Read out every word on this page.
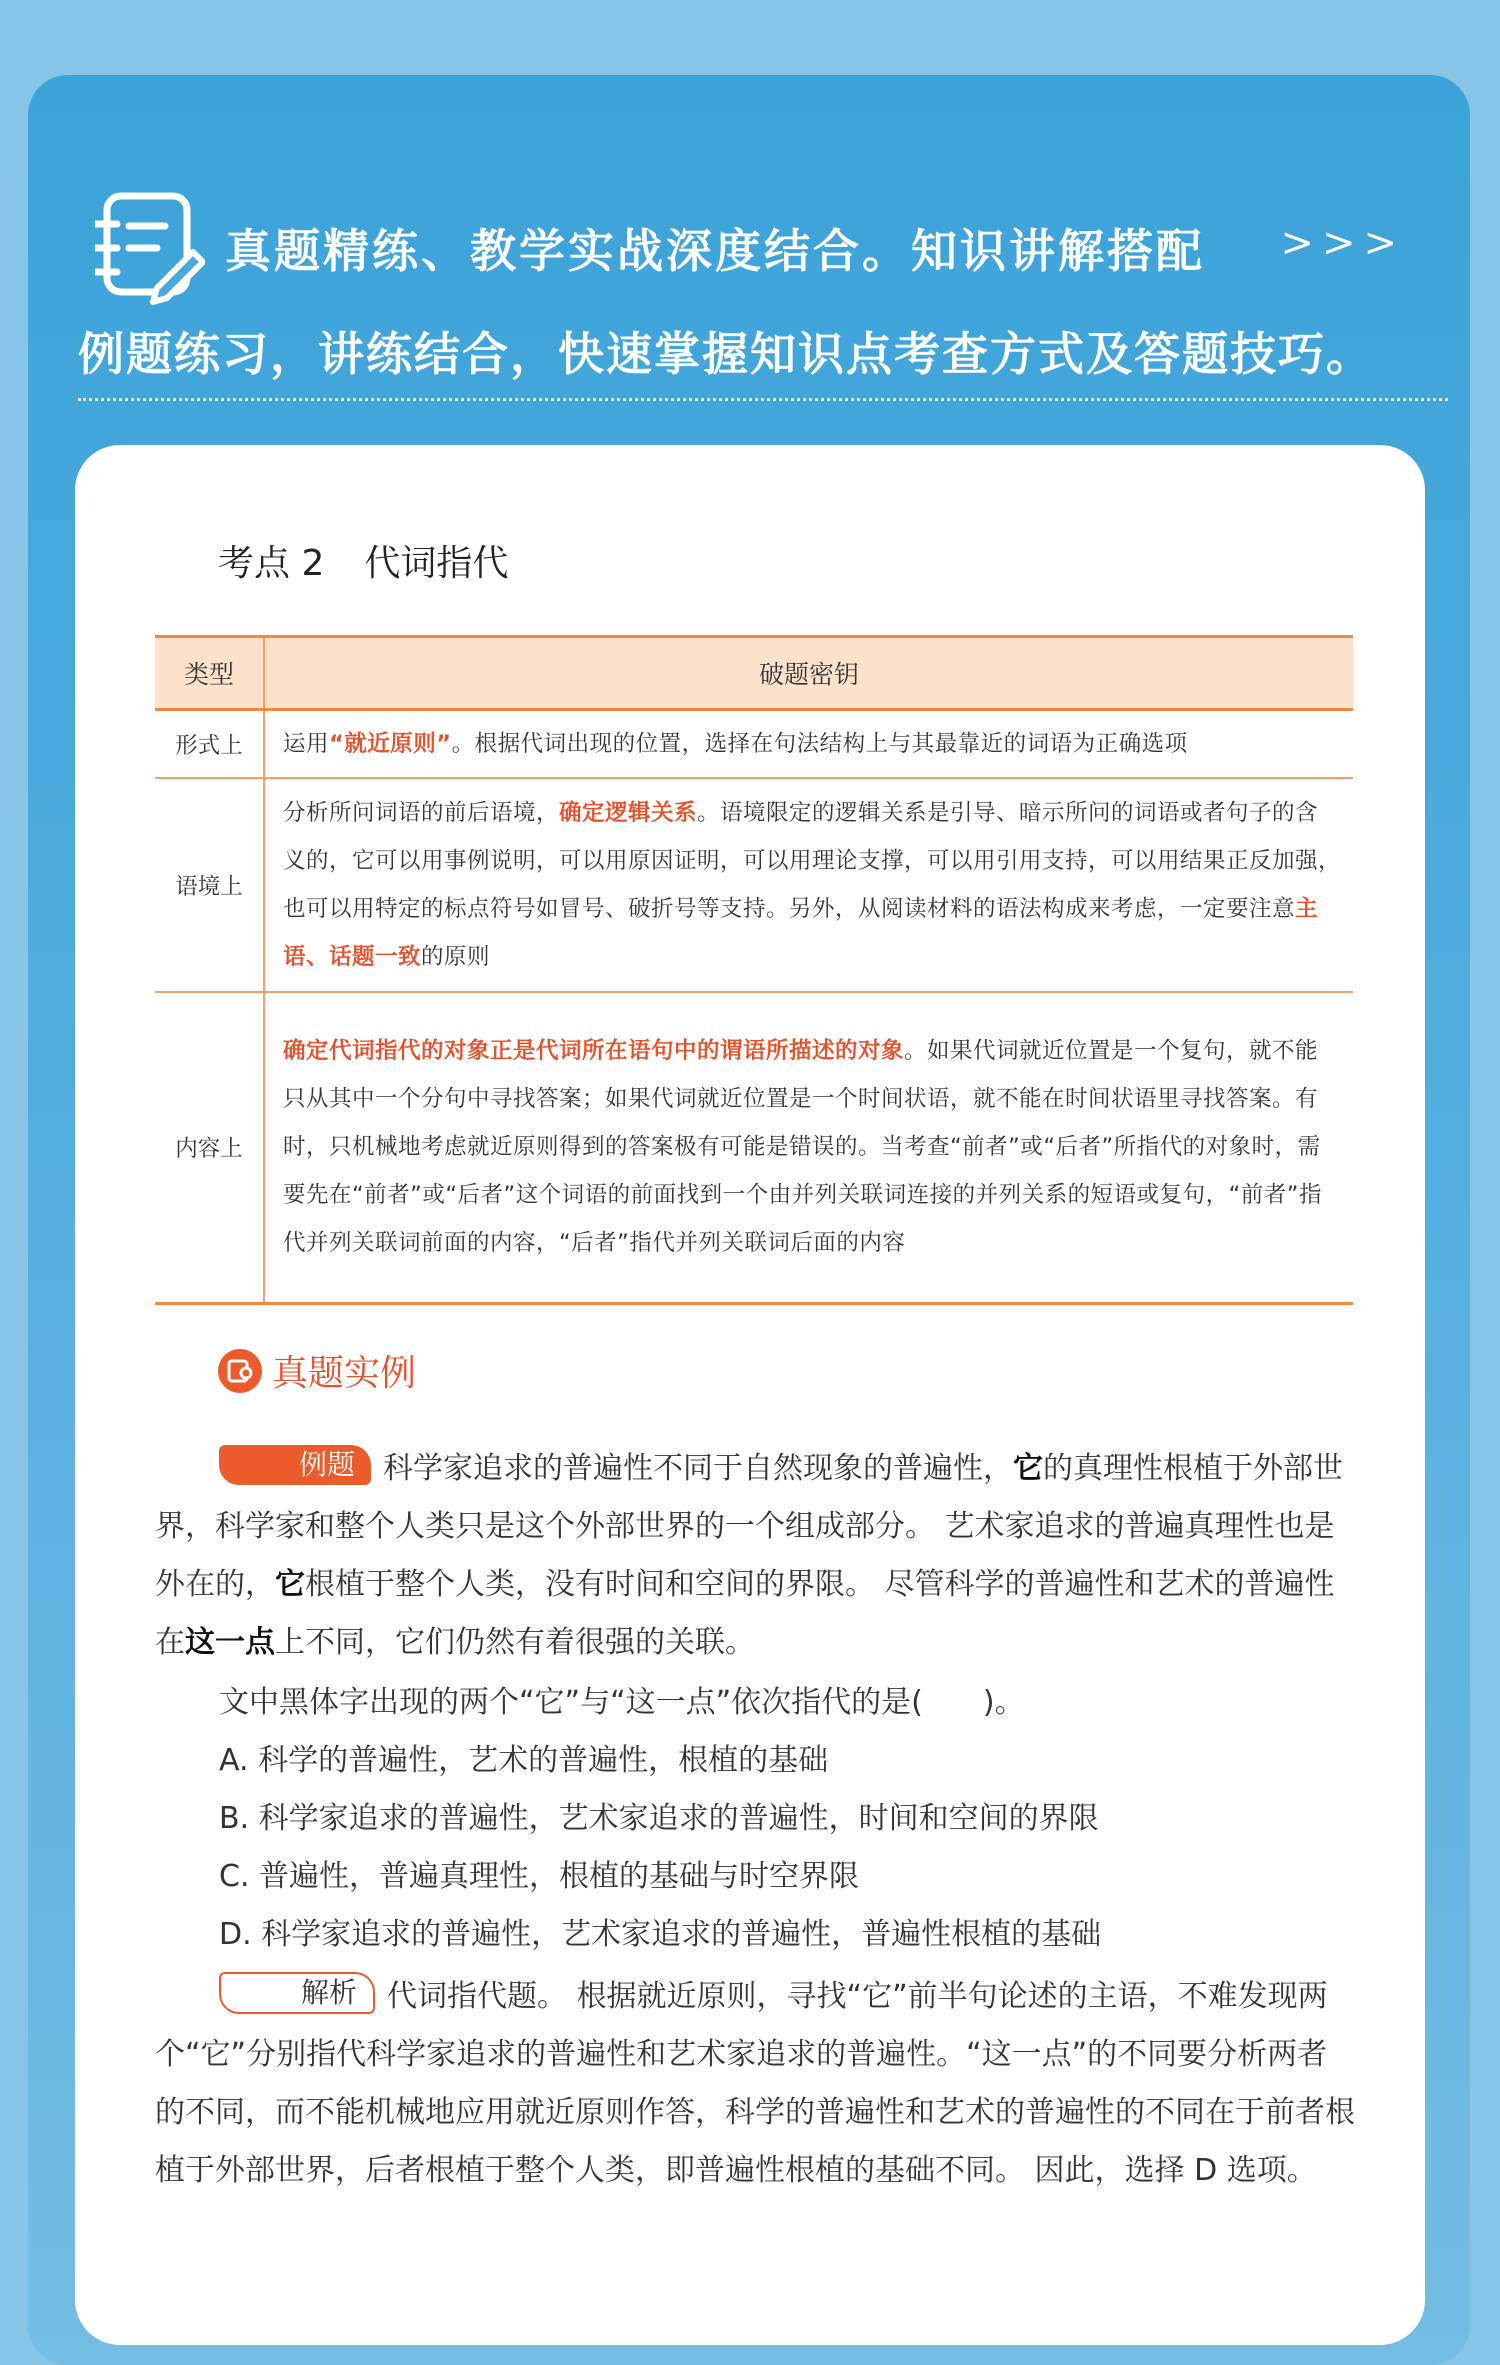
真题精练、教学实战深度结合。知识讲解搭配 >>>
例题练习，讲练结合，快速掌握知识点考查方式及答题技巧。
考点 2 代词指代
类型	破题密钥
形式上	运用“就近原则”。根据代词出现的位置，选择在句法结构上与其最靠近的词语为正确选项
语境上	分析所问词语的前后语境，确定逻辑关系。语境限定的逻辑关系是引导、暗示所问的词语或者句子的含义的，它可以用事例说明，可以用原因证明，可以用理论支撑，可以用引用支持，可以用结果正反加强，也可以用特定的标点符号如冒号、破折号等支持。另外，从阅读材料的语法构成来考虑，一定要注意主语、话题一致的原则
内容上	确定代词指代的对象正是代词所在语句中的谓语所描述的对象。如果代词就近位置是一个复句，就不能只从其中一个分句中寻找答案；如果代词就近位置是一个时间状语，就不能在时间状语里寻找答案。有时，只机械地考虑就近原则得到的答案极有可能是错误的。当考查“前者”或“后者”所指代的对象时，需要先在“前者”或“后者”这个词语的前面找到一个由并列关联词连接的并列关系的短语或复句，“前者”指代并列关联词前面的内容，“后者”指代并列关联词后面的内容
真题实例
例题 科学家追求的普遍性不同于自然现象的普遍性，它的真理性根植于外部世界，科学家和整个人类只是这个外部世界的一个组成部分。 艺术家追求的普遍真理性也是外在的，它根植于整个人类，没有时间和空间的界限。 尽管科学的普遍性和艺术的普遍性在这一点上不同，它们仍然有着很强的关联。
文中黑体字出现的两个“它”与“这一点”依次指代的是(　　)。
A. 科学的普遍性，艺术的普遍性，根植的基础
B. 科学家追求的普遍性，艺术家追求的普遍性，时间和空间的界限
C. 普遍性，普遍真理性，根植的基础与时空界限
D. 科学家追求的普遍性，艺术家追求的普遍性，普遍性根植的基础
解析 代词指代题。 根据就近原则，寻找“它”前半句论述的主语，不难发现两个“它”分别指代科学家追求的普遍性和艺术家追求的普遍性。“这一点”的不同要分析两者的不同，而不能机械地应用就近原则作答，科学的普遍性和艺术的普遍性的不同在于前者根植于外部世界，后者根植于整个人类，即普遍性根植的基础不同。 因此，选择 D 选项。
